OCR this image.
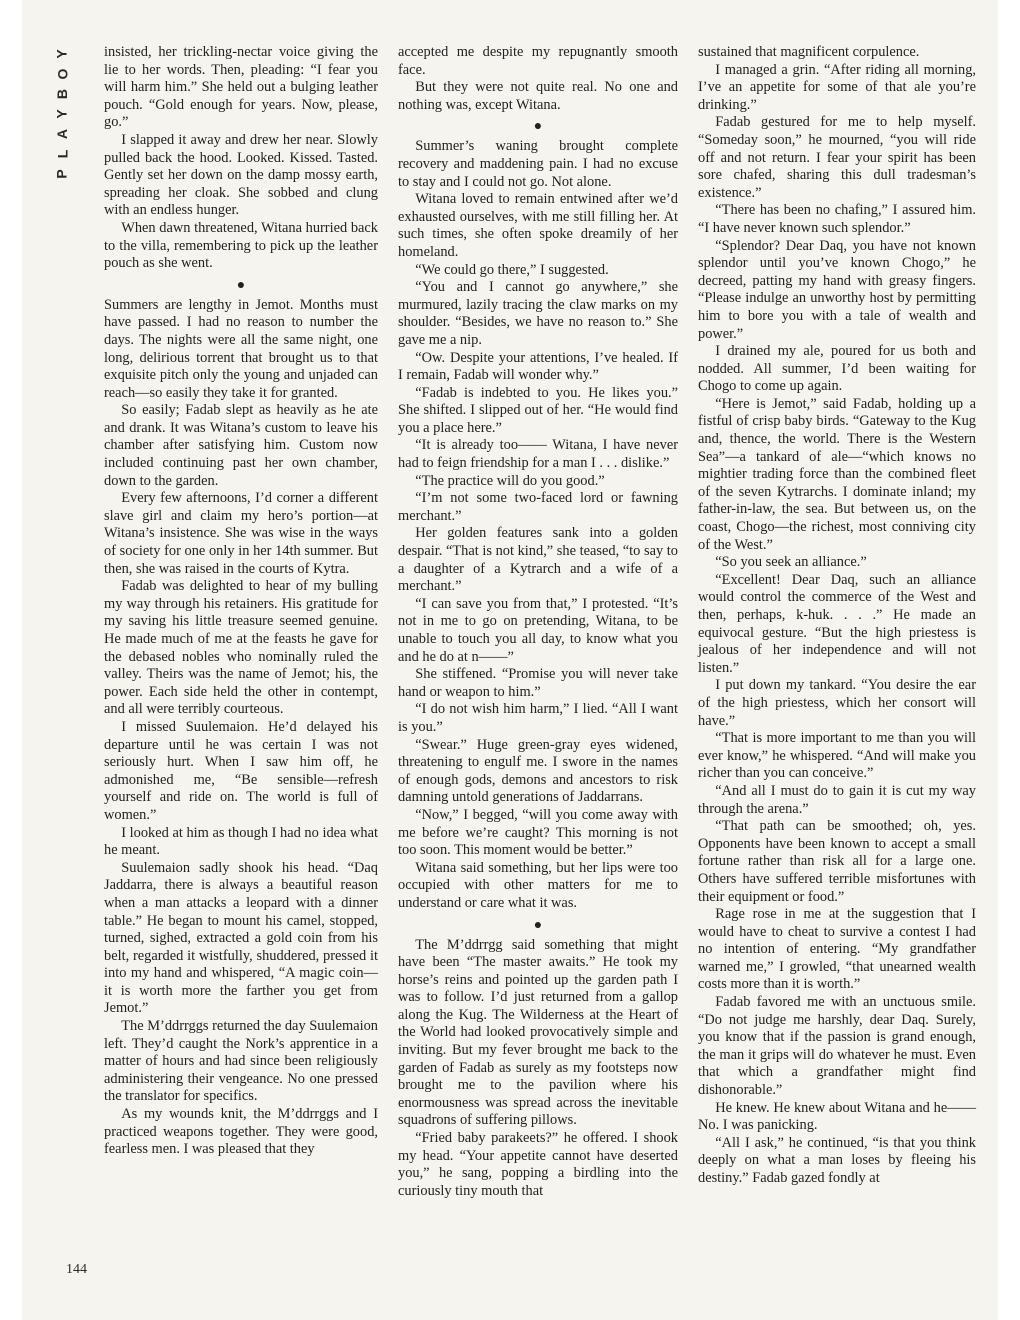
Y
O
B
Y
A
L
P

insisted, her trickling-nectar voice giving the lie to her words. Then, pleading: “I fear you will harm him.” She held out a bulging leather pouch. “Gold enough for years. Now, please, go.”

I slapped it away and drew her near. Slowly pulled back the hood. Looked. Kissed. Tasted. Gently set her down on the damp mossy earth, spreading her cloak. She sobbed and clung with an endless hunger.

When dawn threatened, Witana hurried back to the villa, remembering to pick up the leather pouch as she went.

●

Summers are lengthy in Jemot. Months must have passed. I had no reason to number the days. The nights were all the same night, one long, delirious torrent that brought us to that exquisite pitch only the young and unjaded can reach—so easily they take it for granted.

So easily; Fadab slept as heavily as he ate and drank. It was Witana’s custom to leave his chamber after satisfying him. Custom now included continuing past her own chamber, down to the garden.

Every few afternoons, I’d corner a different slave girl and claim my hero’s portion—at Witana’s insistence. She was wise in the ways of society for one only in her 14th summer. But then, she was raised in the courts of Kytra.

Fadab was delighted to hear of my bulling my way through his retainers. His gratitude for my saving his little treasure seemed genuine. He made much of me at the feasts he gave for the debased nobles who nominally ruled the valley. Theirs was the name of Jemot; his, the power. Each side held the other in contempt, and all were terribly courteous.

I missed Suulemaion. He’d delayed his departure until he was certain I was not seriously hurt. When I saw him off, he admonished me, “Be sensible—refresh yourself and ride on. The world is full of women.”

I looked at him as though I had no idea what he meant.

Suulemaion sadly shook his head. “Daq Jaddarra, there is always a beautiful reason when a man attacks a leopard with a dinner table.” He began to mount his camel, stopped, turned, sighed, extracted a gold coin from his belt, regarded it wistfully, shuddered, pressed it into my hand and whispered, “A magic coin—it is worth more the farther you get from Jemot.”

The M’ddrrggs returned the day Suulemaion left. They’d caught the Nork’s apprentice in a matter of hours and had since been religiously administering their vengeance. No one pressed the translator for specifics.

As my wounds knit, the M’ddrrggs and I practiced weapons together. They were good, fearless men. I was pleased that they

accepted me despite my repugnantly smooth face.

But they were not quite real. No one and nothing was, except Witana.

●

Summer’s waning brought complete recovery and maddening pain. I had no excuse to stay and I could not go. Not alone.

Witana loved to remain entwined after we’d exhausted ourselves, with me still filling her. At such times, she often spoke dreamily of her homeland.

“We could go there,” I suggested.

“You and I cannot go anywhere,” she murmured, lazily tracing the claw marks on my shoulder. “Besides, we have no reason to.” She gave me a nip.

“Ow. Despite your attentions, I’ve healed. If I remain, Fadab will wonder why.”

“Fadab is indebted to you. He likes you.” She shifted. I slipped out of her. “He would find you a place here.”

“It is already too—— Witana, I have never had to feign friendship for a man I . . . dislike.”

“The practice will do you good.”

“I’m not some two-faced lord or fawning merchant.”

Her golden features sank into a golden despair. “That is not kind,” she teased, “to say to a daughter of a Kytrarch and a wife of a merchant.”

“I can save you from that,” I protested. “It’s not in me to go on pretending, Witana, to be unable to touch you all day, to know what you and he do at n——”

She stiffened. “Promise you will never take hand or weapon to him.”

“I do not wish him harm,” I lied. “All I want is you.”

“Swear.” Huge green-gray eyes widened, threatening to engulf me. I swore in the names of enough gods, demons and ancestors to risk damning untold generations of Jaddarrans.

“Now,” I begged, “will you come away with me before we’re caught? This morning is not too soon. This moment would be better.”

Witana said something, but her lips were too occupied with other matters for me to understand or care what it was.

●

The M’ddrrgg said something that might have been “The master awaits.” He took my horse’s reins and pointed up the garden path I was to follow. I’d just returned from a gallop along the Kug. The Wilderness at the Heart of the World had looked provocatively simple and inviting. But my fever brought me back to the garden of Fadab as surely as my footsteps now brought me to the pavilion where his enormousness was spread across the inevitable squadrons of suffering pillows.

“Fried baby parakeets?” he offered. I shook my head. “Your appetite cannot have deserted you,” he sang, popping a birdling into the curiously tiny mouth that

sustained that magnificent corpulence.

I managed a grin. “After riding all morning, I’ve an appetite for some of that ale you’re drinking.”

Fadab gestured for me to help myself. “Someday soon,” he mourned, “you will ride off and not return. I fear your spirit has been sore chafed, sharing this dull tradesman’s existence.”

“There has been no chafing,” I assured him. “I have never known such splendor.”

“Splendor? Dear Daq, you have not known splendor until you’ve known Chogo,” he decreed, patting my hand with greasy fingers. “Please indulge an unworthy host by permitting him to bore you with a tale of wealth and power.”

I drained my ale, poured for us both and nodded. All summer, I’d been waiting for Chogo to come up again.

“Here is Jemot,” said Fadab, holding up a fistful of crisp baby birds. “Gateway to the Kug and, thence, the world. There is the Western Sea”—a tankard of ale—“which knows no mightier trading force than the combined fleet of the seven Kytrarchs. I dominate inland; my father-in-law, the sea. But between us, on the coast, Chogo—the richest, most conniving city of the West.”

“So you seek an alliance.”

“Excellent! Dear Daq, such an alliance would control the commerce of the West and then, perhaps, k-huk. . . .” He made an equivocal gesture. “But the high priestess is jealous of her independence and will not listen.”

I put down my tankard. “You desire the ear of the high priestess, which her consort will have.”

“That is more important to me than you will ever know,” he whispered. “And will make you richer than you can conceive.”

“And all I must do to gain it is cut my way through the arena.”

“That path can be smoothed; oh, yes. Opponents have been known to accept a small fortune rather than risk all for a large one. Others have suffered terrible misfortunes with their equipment or food.”

Rage rose in me at the suggestion that I would have to cheat to survive a contest I had no intention of entering. “My grandfather warned me,” I growled, “that unearned wealth costs more than it is worth.”

Fadab favored me with an unctuous smile. “Do not judge me harshly, dear Daq. Surely, you know that if the passion is grand enough, the man it grips will do whatever he must. Even that which a grandfather might find dishonorable.”

He knew. He knew about Witana and he—— No. I was panicking.

“All I ask,” he continued, “is that you think deeply on what a man loses by fleeing his destiny.” Fadab gazed fondly at

144
